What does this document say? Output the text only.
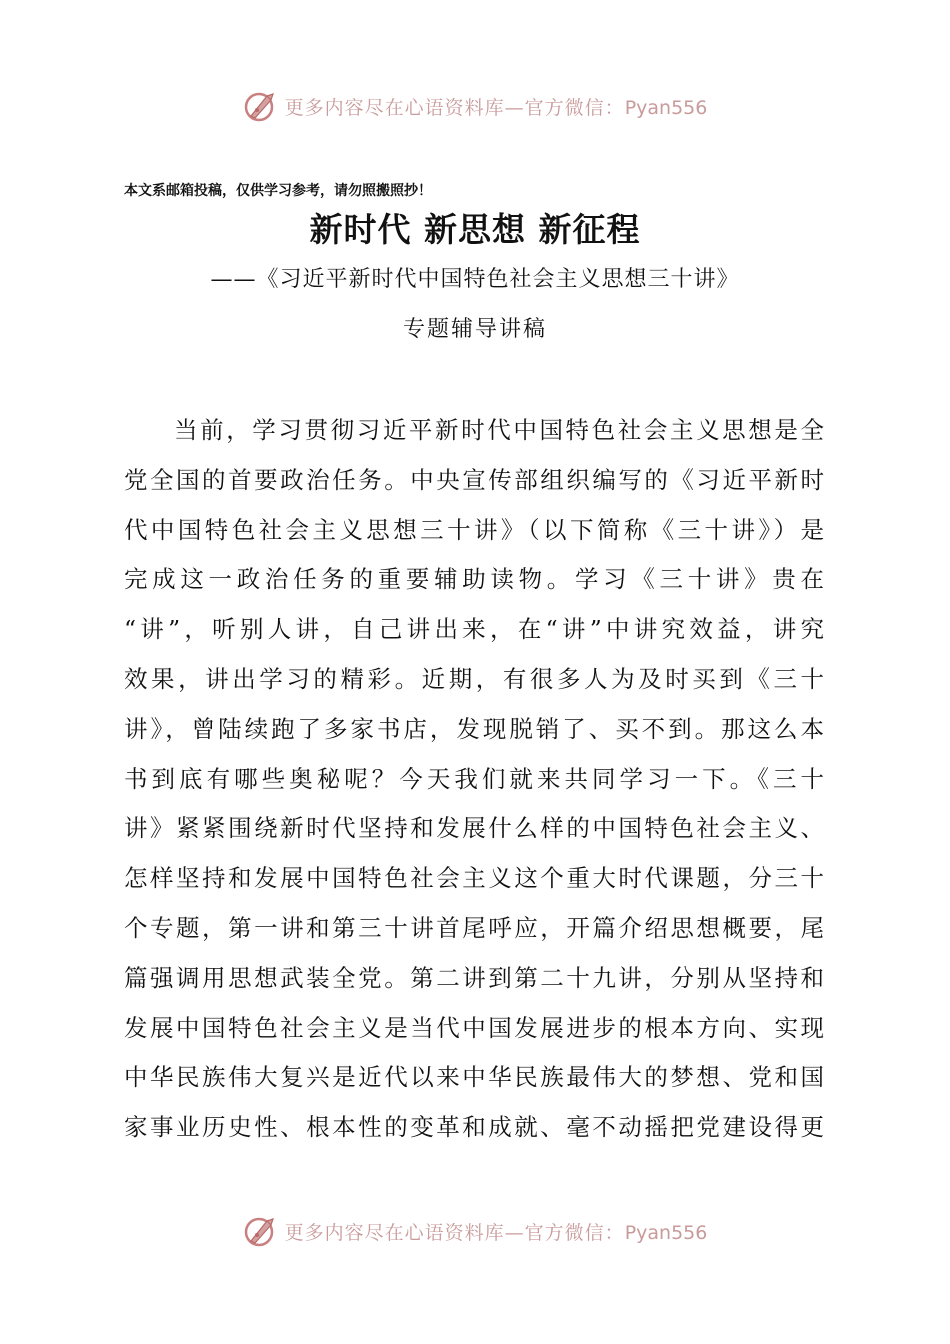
更多内容尽在心语资料库—官方微信：Pyan556
本文系邮箱投稿，仅供学习参考，请勿照搬照抄！
新时代 新思想 新征程
——《习近平新时代中国特色社会主义思想三十讲》
专题辅导讲稿
当前，学习贯彻习近平新时代中国特色社会主义思想是全
党全国的首要政治任务。中央宣传部组织编写的《习近平新时
代中国特色社会主义思想三十讲》（以下简称《三十讲》）是
完成这一政治任务的重要辅助读物。学习《三十讲》贵在
“讲”，听别人讲，自己讲出来，在“讲”中讲究效益，讲究
效果，讲出学习的精彩。近期，有很多人为及时买到《三十
讲》，曾陆续跑了多家书店，发现脱销了、买不到。那这么本
书到底有哪些奥秘呢？今天我们就来共同学习一下。《三十
讲》紧紧围绕新时代坚持和发展什么样的中国特色社会主义、
怎样坚持和发展中国特色社会主义这个重大时代课题，分三十
个专题，第一讲和第三十讲首尾呼应，开篇介绍思想概要，尾
篇强调用思想武装全党。第二讲到第二十九讲，分别从坚持和
发展中国特色社会主义是当代中国发展进步的根本方向、实现
中华民族伟大复兴是近代以来中华民族最伟大的梦想、党和国
家事业历史性、根本性的变革和成就、毫不动摇把党建设得更
更多内容尽在心语资料库—官方微信：Pyan556
